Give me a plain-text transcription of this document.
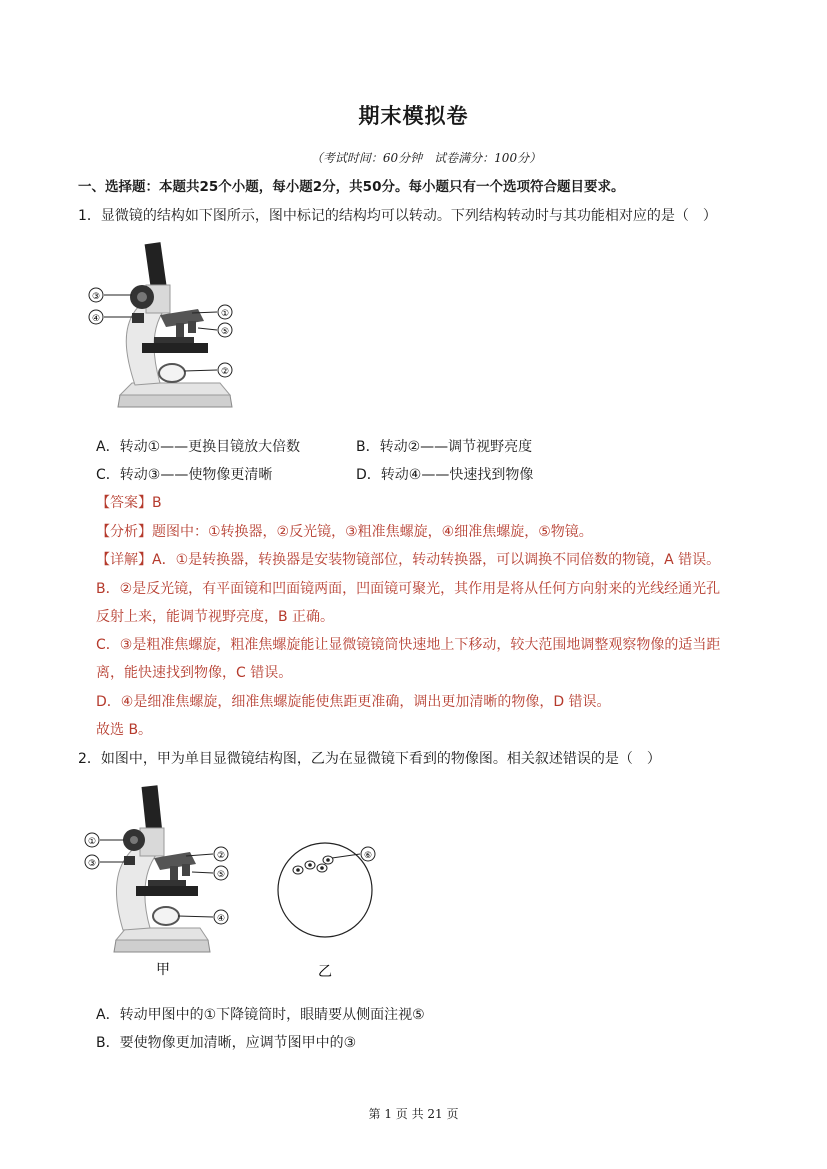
期末模拟卷
（考试时间：60分钟　试卷满分：100分）
一、选择题：本题共25个小题，每小题2分，共50分。每小题只有一个选项符合题目要求。
1．显微镜的结构如下图所示，图中标记的结构均可以转动。下列结构转动时与其功能相对应的是（　）
③
④	①
⑤
②
A．转动①——更换目镜放大倍数	B．转动②——调节视野亮度
C．转动③——使物像更清晰	D．转动④——快速找到物像
【答案】B
【分析】题图中：①转换器，②反光镜，③粗准焦螺旋，④细准焦螺旋，⑤物镜。
【详解】A．①是转换器，转换器是安装物镜部位，转动转换器，可以调换不同倍数的物镜，A 错误。
B．②是反光镜，有平面镜和凹面镜两面，凹面镜可聚光，其作用是将从任何方向射来的光线经通光孔
反射上来，能调节视野亮度，B 正确。
C．③是粗准焦螺旋，粗准焦螺旋能让显微镜镜筒快速地上下移动，较大范围地调整观察物像的适当距
离，能快速找到物像，C 错误。
D．④是细准焦螺旋，细准焦螺旋能使焦距更准确，调出更加清晰的物像，D 错误。
故选 B。
2．如图中，甲为单目显微镜结构图，乙为在显微镜下看到的物像图。相关叙述错误的是（　）
①
③
②
⑤
④
甲
⑥
乙
A．转动甲图中的①下降镜筒时，眼睛要从侧面注视⑤
B．要使物像更加清晰，应调节图甲中的③
第 1 页 共 21 页
